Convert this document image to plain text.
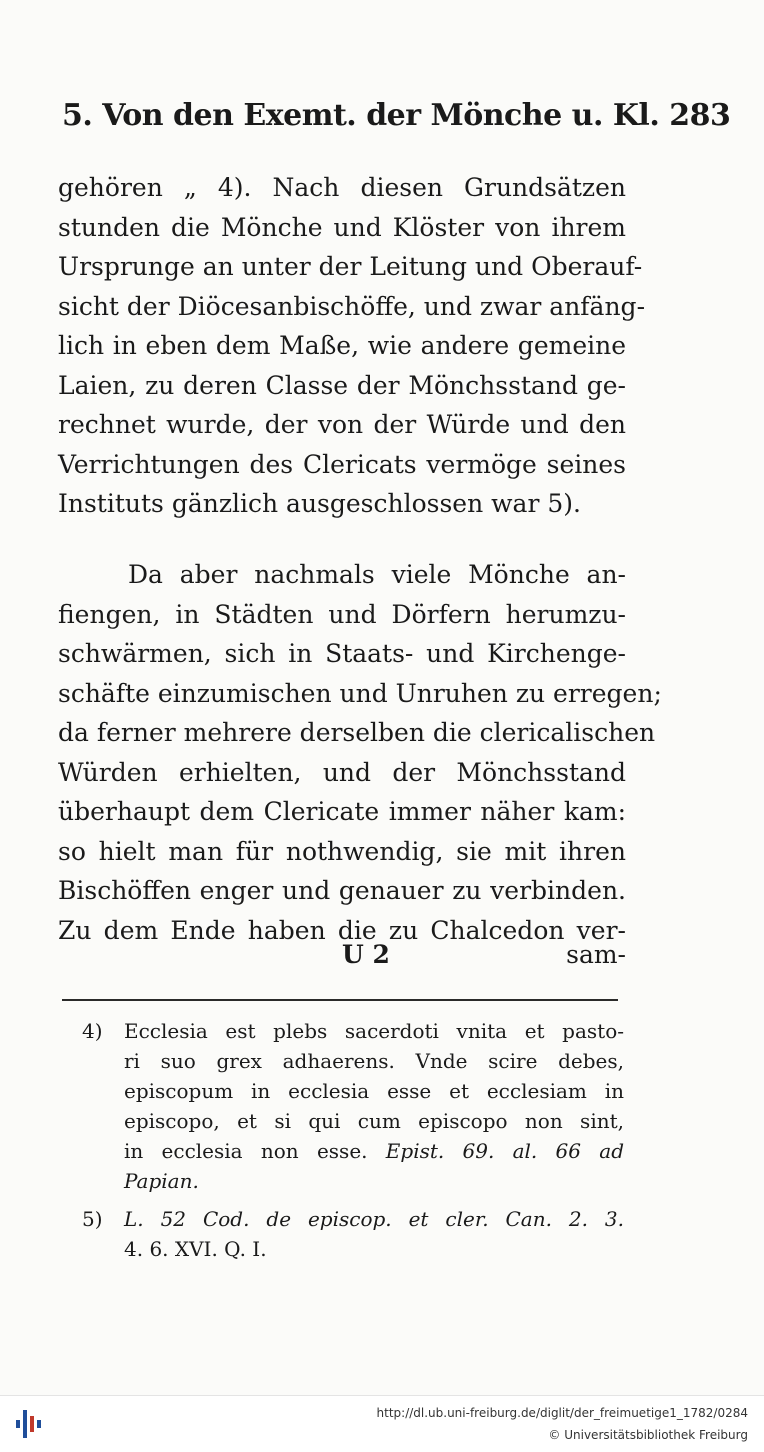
5. Von den Exemt. der Mönche u. Kl. 283
gehören „ 4). Nach diesen Grundsätzen
stunden die Mönche und Klöster von ihrem
Ursprunge an unter der Leitung und Oberauf-
sicht der Diöcesanbischöffe, und zwar anfäng-
lich in eben dem Maße, wie andere gemeine
Laien, zu deren Classe der Mönchsstand ge-
rechnet wurde, der von der Würde und den
Verrichtungen des Clericats vermöge seines
Instituts gänzlich ausgeschlossen war 5).
Da aber nachmals viele Mönche an-
fiengen, in Städten und Dörfern herumzu-
schwärmen, sich in Staats- und Kirchenge-
schäfte einzumischen und Unruhen zu erregen;
da ferner mehrere derselben die clericalischen
Würden erhielten, und der Mönchsstand
überhaupt dem Clericate immer näher kam:
so hielt man für nothwendig, sie mit ihren
Bischöffen enger und genauer zu verbinden.
Zu dem Ende haben die zu Chalcedon ver-
U 2	sam-
4) Ecclesia est plebs sacerdoti vnita et pasto-
ri suo grex adhaerens. Vnde scire debes,
episcopum in ecclesia esse et ecclesiam in
episcopo, et si qui cum episcopo non sint,
in ecclesia non esse. Epist. 69. al. 66 ad
Papian.
5) L. 52 Cod. de episcop. et cler. Can. 2. 3.
4. 6. XVI. Q. I.
http://dl.ub.uni-freiburg.de/diglit/der_freimuetige1_1782/0284
© Universitätsbibliothek Freiburg
